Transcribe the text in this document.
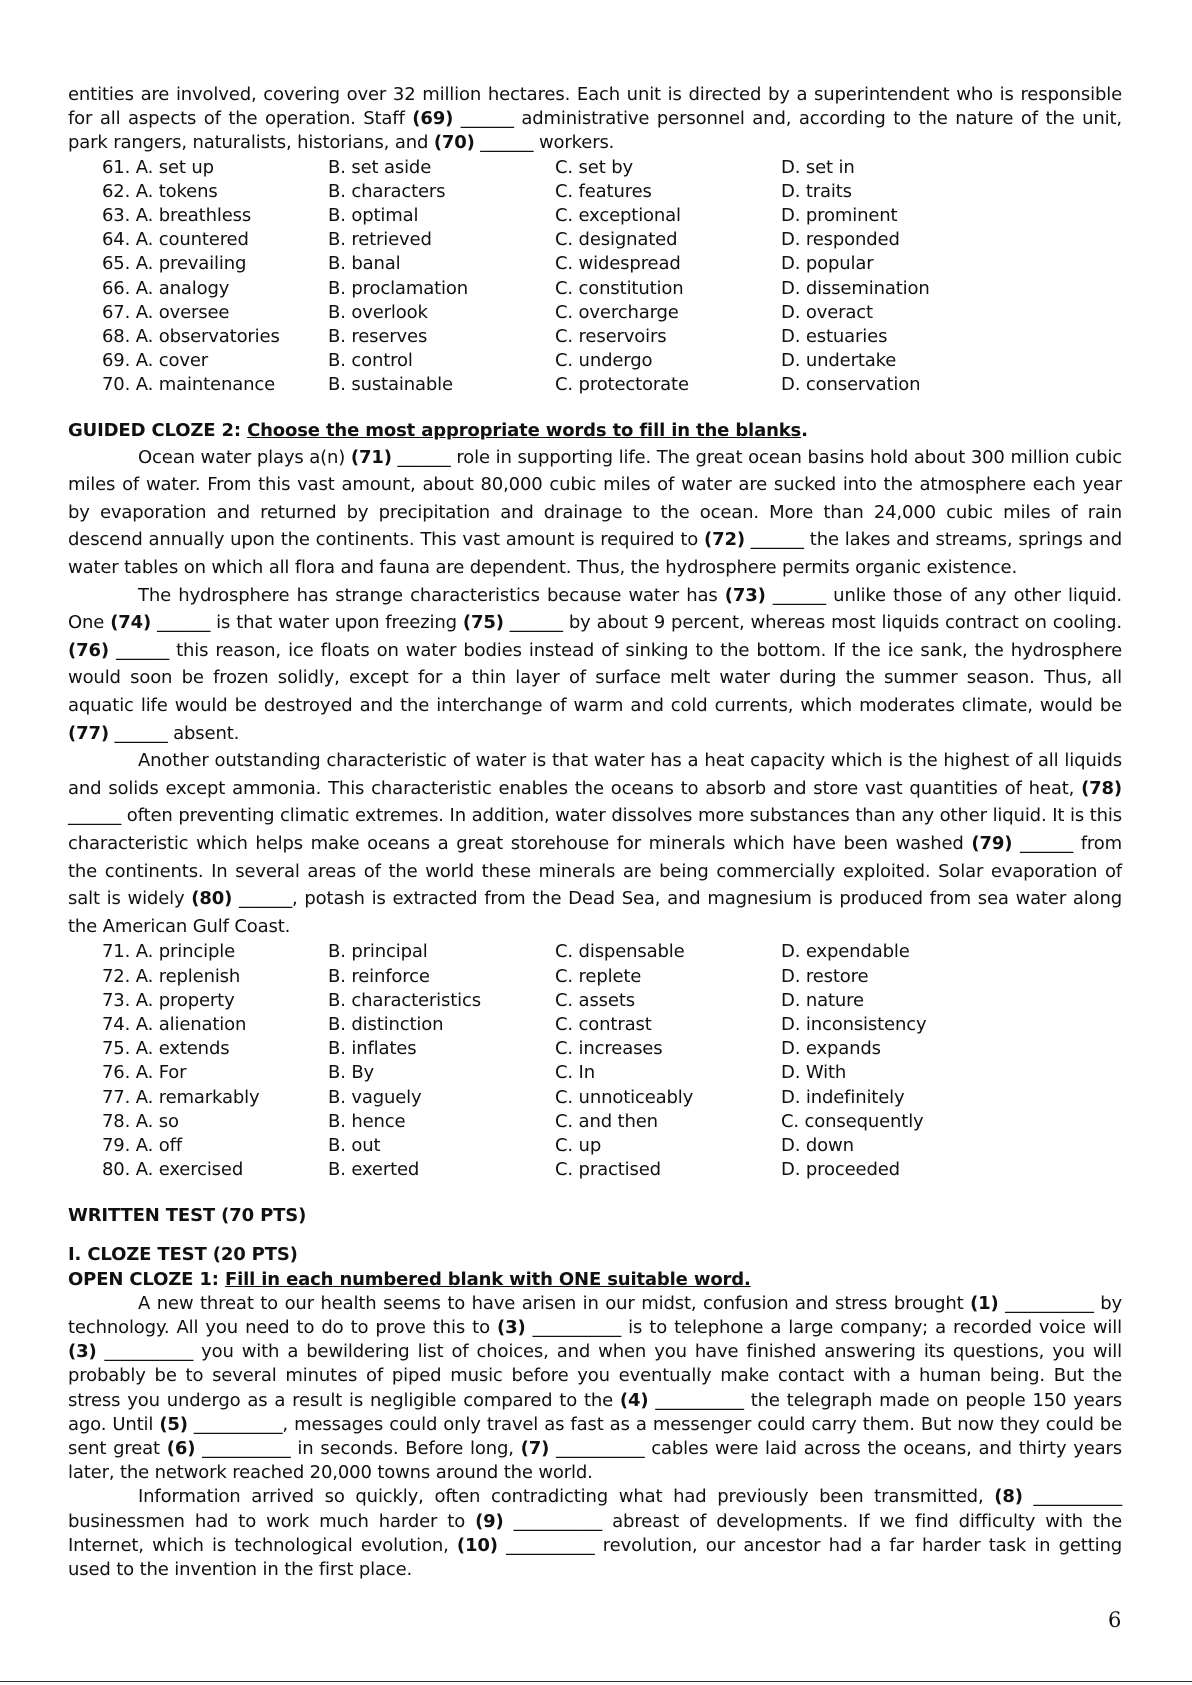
entities are involved, covering over 32 million hectares. Each unit is directed by a superintendent who is responsible for all aspects of the operation. Staff (69) ______ administrative personnel and, according to the nature of the unit, park rangers, naturalists, historians, and (70) ______ workers.

61. A. set up	B. set aside	C. set by	D. set in
62. A. tokens	B. characters	C. features	D. traits
63. A. breathless	B. optimal	C. exceptional	D. prominent
64. A. countered	B. retrieved	C. designated	D. responded
65. A. prevailing	B. banal	C. widespread	D. popular
66. A. analogy	B. proclamation	C. constitution	D. dissemination
67. A. oversee	B. overlook	C. overcharge	D. overact
68. A. observatories	B. reserves	C. reservoirs	D. estuaries
69. A. cover	B. control	C. undergo	D. undertake
70. A. maintenance	B. sustainable	C. protectorate	D. conservation

GUIDED CLOZE 2: Choose the most appropriate words to fill in the blanks.

Ocean water plays a(n) (71) ______ role in supporting life. The great ocean basins hold about 300 million cubic miles of water. From this vast amount, about 80,000 cubic miles of water are sucked into the atmosphere each year by evaporation and returned by precipitation and drainage to the ocean. More than 24,000 cubic miles of rain descend annually upon the continents. This vast amount is required to (72) ______ the lakes and streams, springs and water tables on which all flora and fauna are dependent. Thus, the hydrosphere permits organic existence.

The hydrosphere has strange characteristics because water has (73) ______ unlike those of any other liquid. One (74) ______ is that water upon freezing (75) ______ by about 9 percent, whereas most liquids contract on cooling. (76) ______ this reason, ice floats on water bodies instead of sinking to the bottom. If the ice sank, the hydrosphere would soon be frozen solidly, except for a thin layer of surface melt water during the summer season. Thus, all aquatic life would be destroyed and the interchange of warm and cold currents, which moderates climate, would be (77) ______ absent.

Another outstanding characteristic of water is that water has a heat capacity which is the highest of all liquids and solids except ammonia. This characteristic enables the oceans to absorb and store vast quantities of heat, (78) ______ often preventing climatic extremes. In addition, water dissolves more substances than any other liquid. It is this characteristic which helps make oceans a great storehouse for minerals which have been washed (79) ______ from the continents. In several areas of the world these minerals are being commercially exploited. Solar evaporation of salt is widely (80) ______, potash is extracted from the Dead Sea, and magnesium is produced from sea water along the American Gulf Coast.

71. A. principle	B. principal	C. dispensable	D. expendable
72. A. replenish	B. reinforce	C. replete	D. restore
73. A. property	B. characteristics	C. assets	D. nature
74. A. alienation	B. distinction	C. contrast	D. inconsistency
75. A. extends	B. inflates	C. increases	D. expands
76. A. For	B. By	C. In	D. With
77. A. remarkably	B. vaguely	C. unnoticeably	D. indefinitely
78. A. so	B. hence	C. and then	C. consequently
79. A. off	B. out	C. up	D. down
80. A. exercised	B. exerted	C. practised	D. proceeded

WRITTEN TEST (70 PTS)

I. CLOZE TEST (20 PTS)

OPEN CLOZE 1: Fill in each numbered blank with ONE suitable word.

A new threat to our health seems to have arisen in our midst, confusion and stress brought (1) __________ by technology. All you need to do to prove this to (3) __________ is to telephone a large company; a recorded voice will (3) __________ you with a bewildering list of choices, and when you have finished answering its questions, you will probably be to several minutes of piped music before you eventually make contact with a human being. But the stress you undergo as a result is negligible compared to the (4) __________ the telegraph made on people 150 years ago. Until (5) __________, messages could only travel as fast as a messenger could carry them. But now they could be sent great (6) __________ in seconds. Before long, (7) __________ cables were laid across the oceans, and thirty years later, the network reached 20,000 towns around the world.

Information arrived so quickly, often contradicting what had previously been transmitted, (8) __________ businessmen had to work much harder to (9) __________ abreast of developments. If we find difficulty with the Internet, which is technological evolution, (10) __________ revolution, our ancestor had a far harder task in getting used to the invention in the first place.

6
